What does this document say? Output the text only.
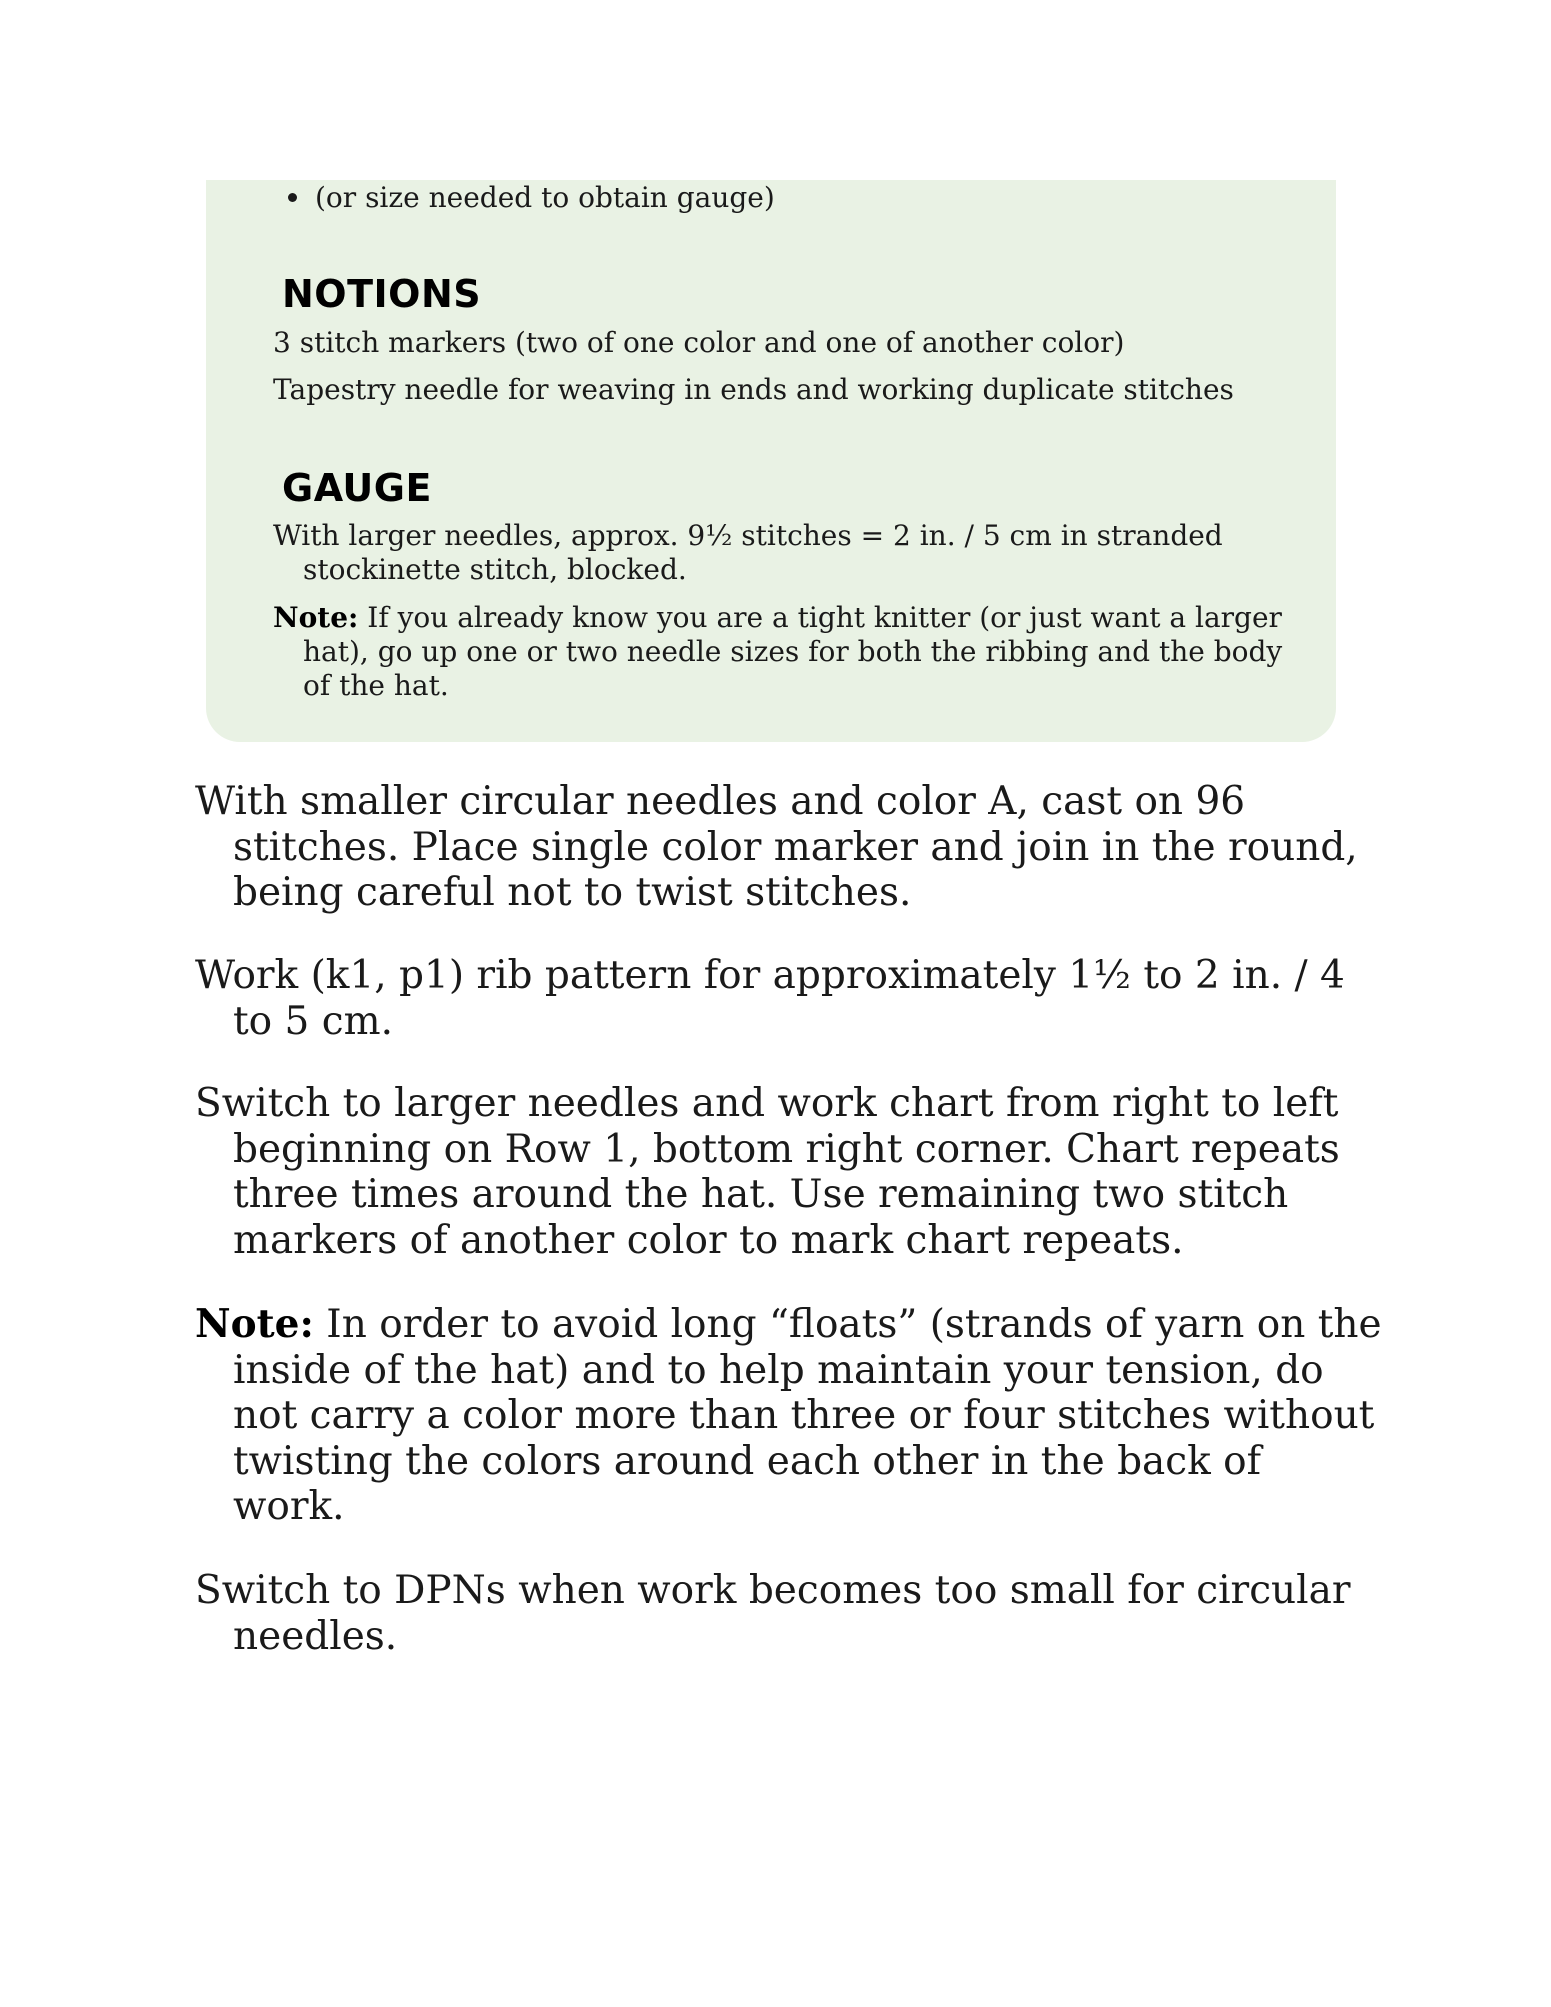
(or size needed to obtain gauge)
NOTIONS
3 stitch markers (two of one color and one of another color)
Tapestry needle for weaving in ends and working duplicate stitches
GAUGE
With larger needles, approx. 9½ stitches = 2 in. / 5 cm in stranded
stockinette stitch, blocked.
Note: If you already know you are a tight knitter (or just want a larger
hat), go up one or two needle sizes for both the ribbing and the body
of the hat.
With smaller circular needles and color A, cast on 96
stitches. Place single color marker and join in the round,
being careful not to twist stitches.
Work (k1, p1) rib pattern for approximately 1½ to 2 in. / 4
to 5 cm.
Switch to larger needles and work chart from right to left
beginning on Row 1, bottom right corner. Chart repeats
three times around the hat. Use remaining two stitch
markers of another color to mark chart repeats.
Note: In order to avoid long “floats” (strands of yarn on the
inside of the hat) and to help maintain your tension, do
not carry a color more than three or four stitches without
twisting the colors around each other in the back of
work.
Switch to DPNs when work becomes too small for circular
needles.
